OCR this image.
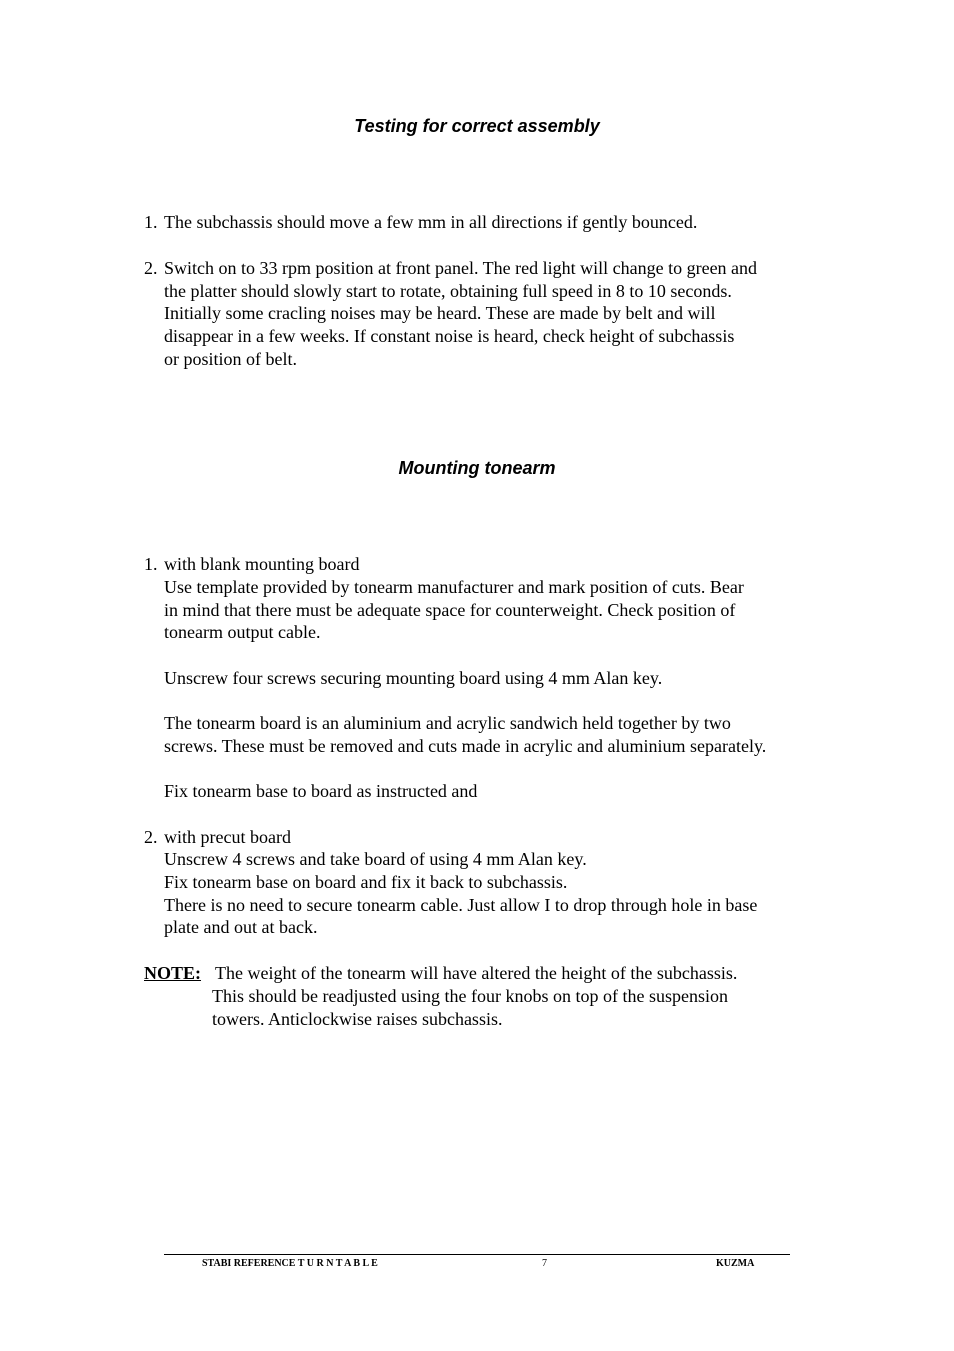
Testing for correct assembly
1. The subchassis should move a few mm in all directions if gently bounced.
2. Switch on to 33 rpm position at front panel. The red light will change to green and
the platter should slowly start to rotate, obtaining full speed in 8 to 10 seconds.
Initially some cracling noises may be heard. These are made by belt and will
disappear in a few weeks. If constant noise is heard, check height of subchassis
or position of belt.
Mounting tonearm
1. with blank mounting board
Use template provided by tonearm manufacturer and mark position of cuts. Bear
in mind that there must be adequate space for counterweight. Check position of
tonearm output cable.
Unscrew four screws securing mounting board using 4 mm Alan key.
The tonearm board is an aluminium and acrylic sandwich held together by two
screws. These must be removed and cuts made in acrylic and aluminium separately.
Fix tonearm base to board as instructed and
2. with precut board
Unscrew 4 screws and take board of using 4 mm Alan key.
Fix tonearm base on board and fix it back to subchassis.
There is no need to secure tonearm cable. Just allow I to drop through hole in base
plate and out at back.
NOTE: The weight of the tonearm will have altered the height of the subchassis.
This should be readjusted using the four knobs on top of the suspension
towers. Anticlockwise raises subchassis.
STABI REFERENCE T U R N T A B L E	7	KUZMA
